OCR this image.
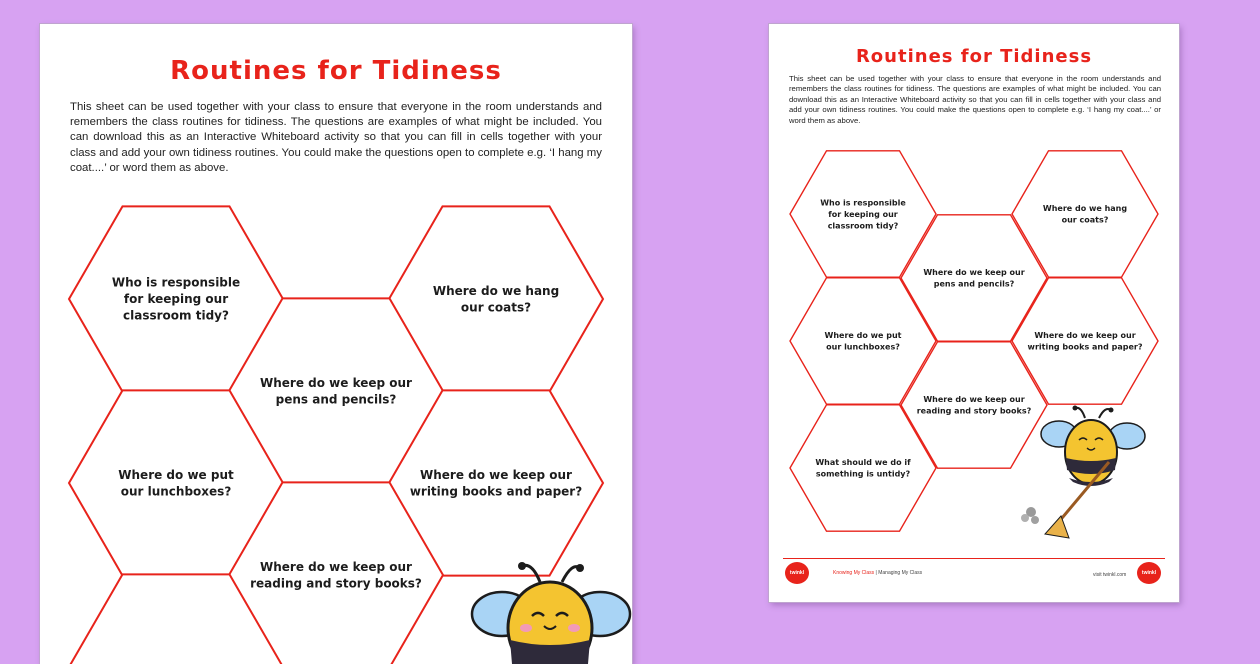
Routines for Tidiness
This sheet can be used together with your class to ensure that everyone in the room understands and remembers the class routines for tidiness. The questions are examples of what might be included. You can download this as an Interactive Whiteboard activity so that you can fill in cells together with your class and add your own tidiness routines. You could make the questions open to complete e.g. ‘I hang my coat....’ or word them as above.
Who is responsible
for keeping our
classroom tidy?
Where do we hang
our coats?
Where do we keep our
pens and pencils?
Where do we put
our lunchboxes?
Where do we keep our
writing books and paper?
Where do we keep our
reading and story books?
Routines for Tidiness
This sheet can be used together with your class to ensure that everyone in the room understands and remembers the class routines for tidiness. The questions are examples of what might be included. You can download this as an Interactive Whiteboard activity so that you can fill in cells together with your class and add your own tidiness routines. You could make the questions open to complete e.g. ‘I hang my coat....’ or word them as above.
Who is responsible
for keeping our
classroom tidy?
Where do we hang
our coats?
Where do we keep our
pens and pencils?
Where do we put
our lunchboxes?
Where do we keep our
writing books and paper?
Where do we keep our
reading and story books?
What should we do if
something is untidy?
twinkl	Knowing My Class | Managing My Class	visit twinkl.com	twinkl
